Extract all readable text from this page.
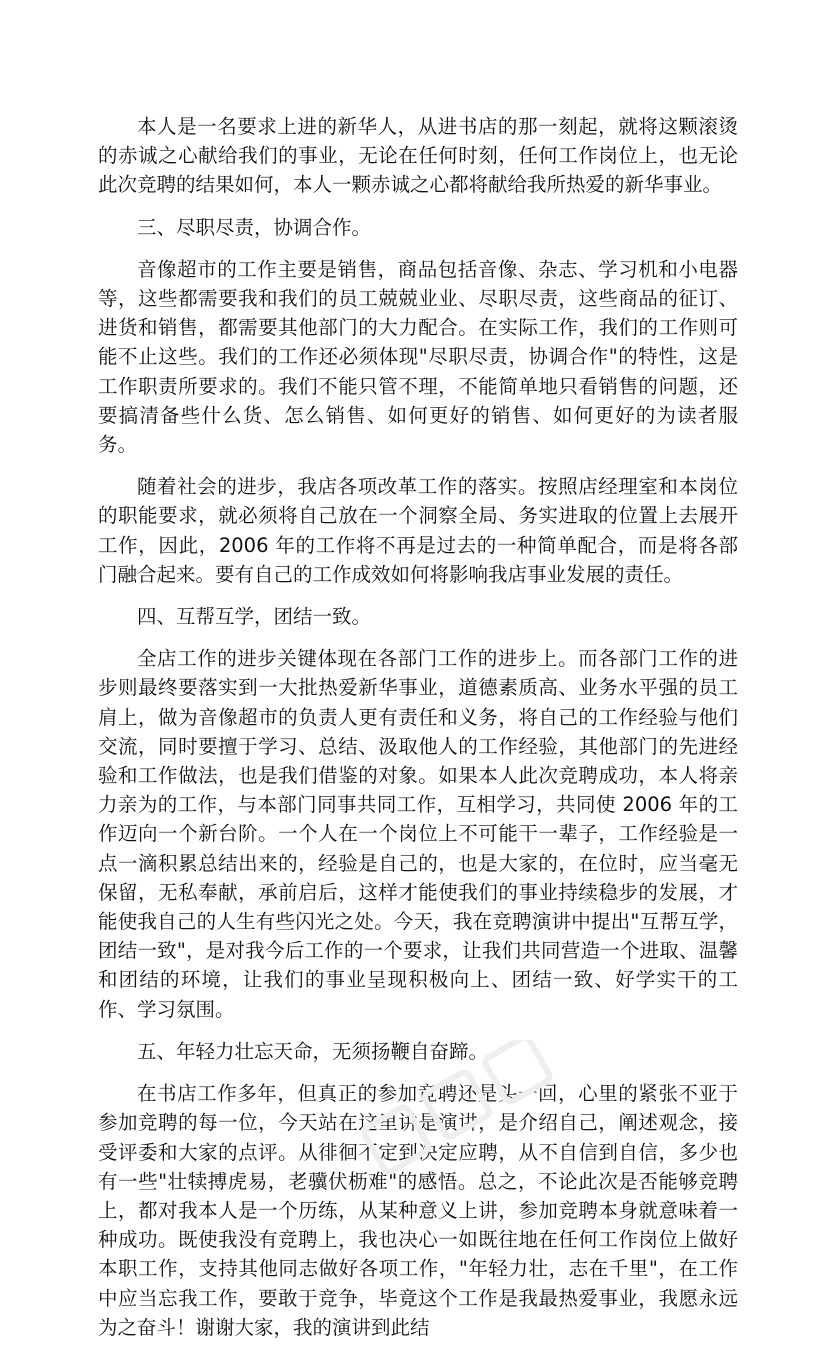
本人是一名要求上进的新华人，从进书店的那一刻起，就将这颗滚烫的赤诚之心献给我们的事业，无论在任何时刻，任何工作岗位上，也无论此次竞聘的结果如何，本人一颗赤诚之心都将献给我所热爱的新华事业。

三、尽职尽责，协调合作。

音像超市的工作主要是销售，商品包括音像、杂志、学习机和小电器等，这些都需要我和我们的员工兢兢业业、尽职尽责，这些商品的征订、进货和销售，都需要其他部门的大力配合。在实际工作，我们的工作则可能不止这些。我们的工作还必须体现"尽职尽责，协调合作"的特性，这是工作职责所要求的。我们不能只管不理，不能简单地只看销售的问题，还要搞清备些什么货、怎么销售、如何更好的销售、如何更好的为读者服务。

随着社会的进步，我店各项改革工作的落实。按照店经理室和本岗位的职能要求，就必须将自己放在一个洞察全局、务实进取的位置上去展开工作，因此，2006 年的工作将不再是过去的一种简单配合，而是将各部门融合起来。要有自己的工作成效如何将影响我店事业发展的责任。

四、互帮互学，团结一致。

全店工作的进步关键体现在各部门工作的进步上。而各部门工作的进步则最终要落实到一大批热爱新华事业，道德素质高、业务水平强的员工肩上，做为音像超市的负责人更有责任和义务，将自己的工作经验与他们交流，同时要擅于学习、总结、汲取他人的工作经验，其他部门的先进经验和工作做法，也是我们借鉴的对象。如果本人此次竞聘成功，本人将亲力亲为的工作，与本部门同事共同工作，互相学习，共同使 2006 年的工作迈向一个新台阶。一个人在一个岗位上不可能干一辈子，工作经验是一点一滴积累总结出来的，经验是自己的，也是大家的，在位时，应当毫无保留，无私奉献，承前启后，这样才能使我们的事业持续稳步的发展，才能使我自己的人生有些闪光之处。今天，我在竞聘演讲中提出"互帮互学，团结一致"，是对我今后工作的一个要求，让我们共同营造一个进取、温馨和团结的环境，让我们的事业呈现积极向上、团结一致、好学实干的工作、学习氛围。

五、年轻力壮忘天命，无须扬鞭自奋蹄。

在书店工作多年，但真正的参加竞聘还是头一回，心里的紧张不亚于参加竞聘的每一位，今天站在这里讲是演讲，是介绍自己，阐述观念，接受评委和大家的点评。从徘徊不定到决定应聘，从不自信到自信，多少也有一些"壮犊搏虎易，老骥伏枥难"的感悟。总之，不论此次是否能够竞聘上，都对我本人是一个历练，从某种意义上讲，参加竞聘本身就意味着一种成功。既使我没有竞聘上，我也决心一如既往地在任何工作岗位上做好本职工作，支持其他同志做好各项工作，"年轻力壮，志在千里"，在工作中应当忘我工作，要敢于竞争，毕竟这个工作是我最热爱事业，我愿永远为之奋斗！谢谢大家，我的演讲到此结
